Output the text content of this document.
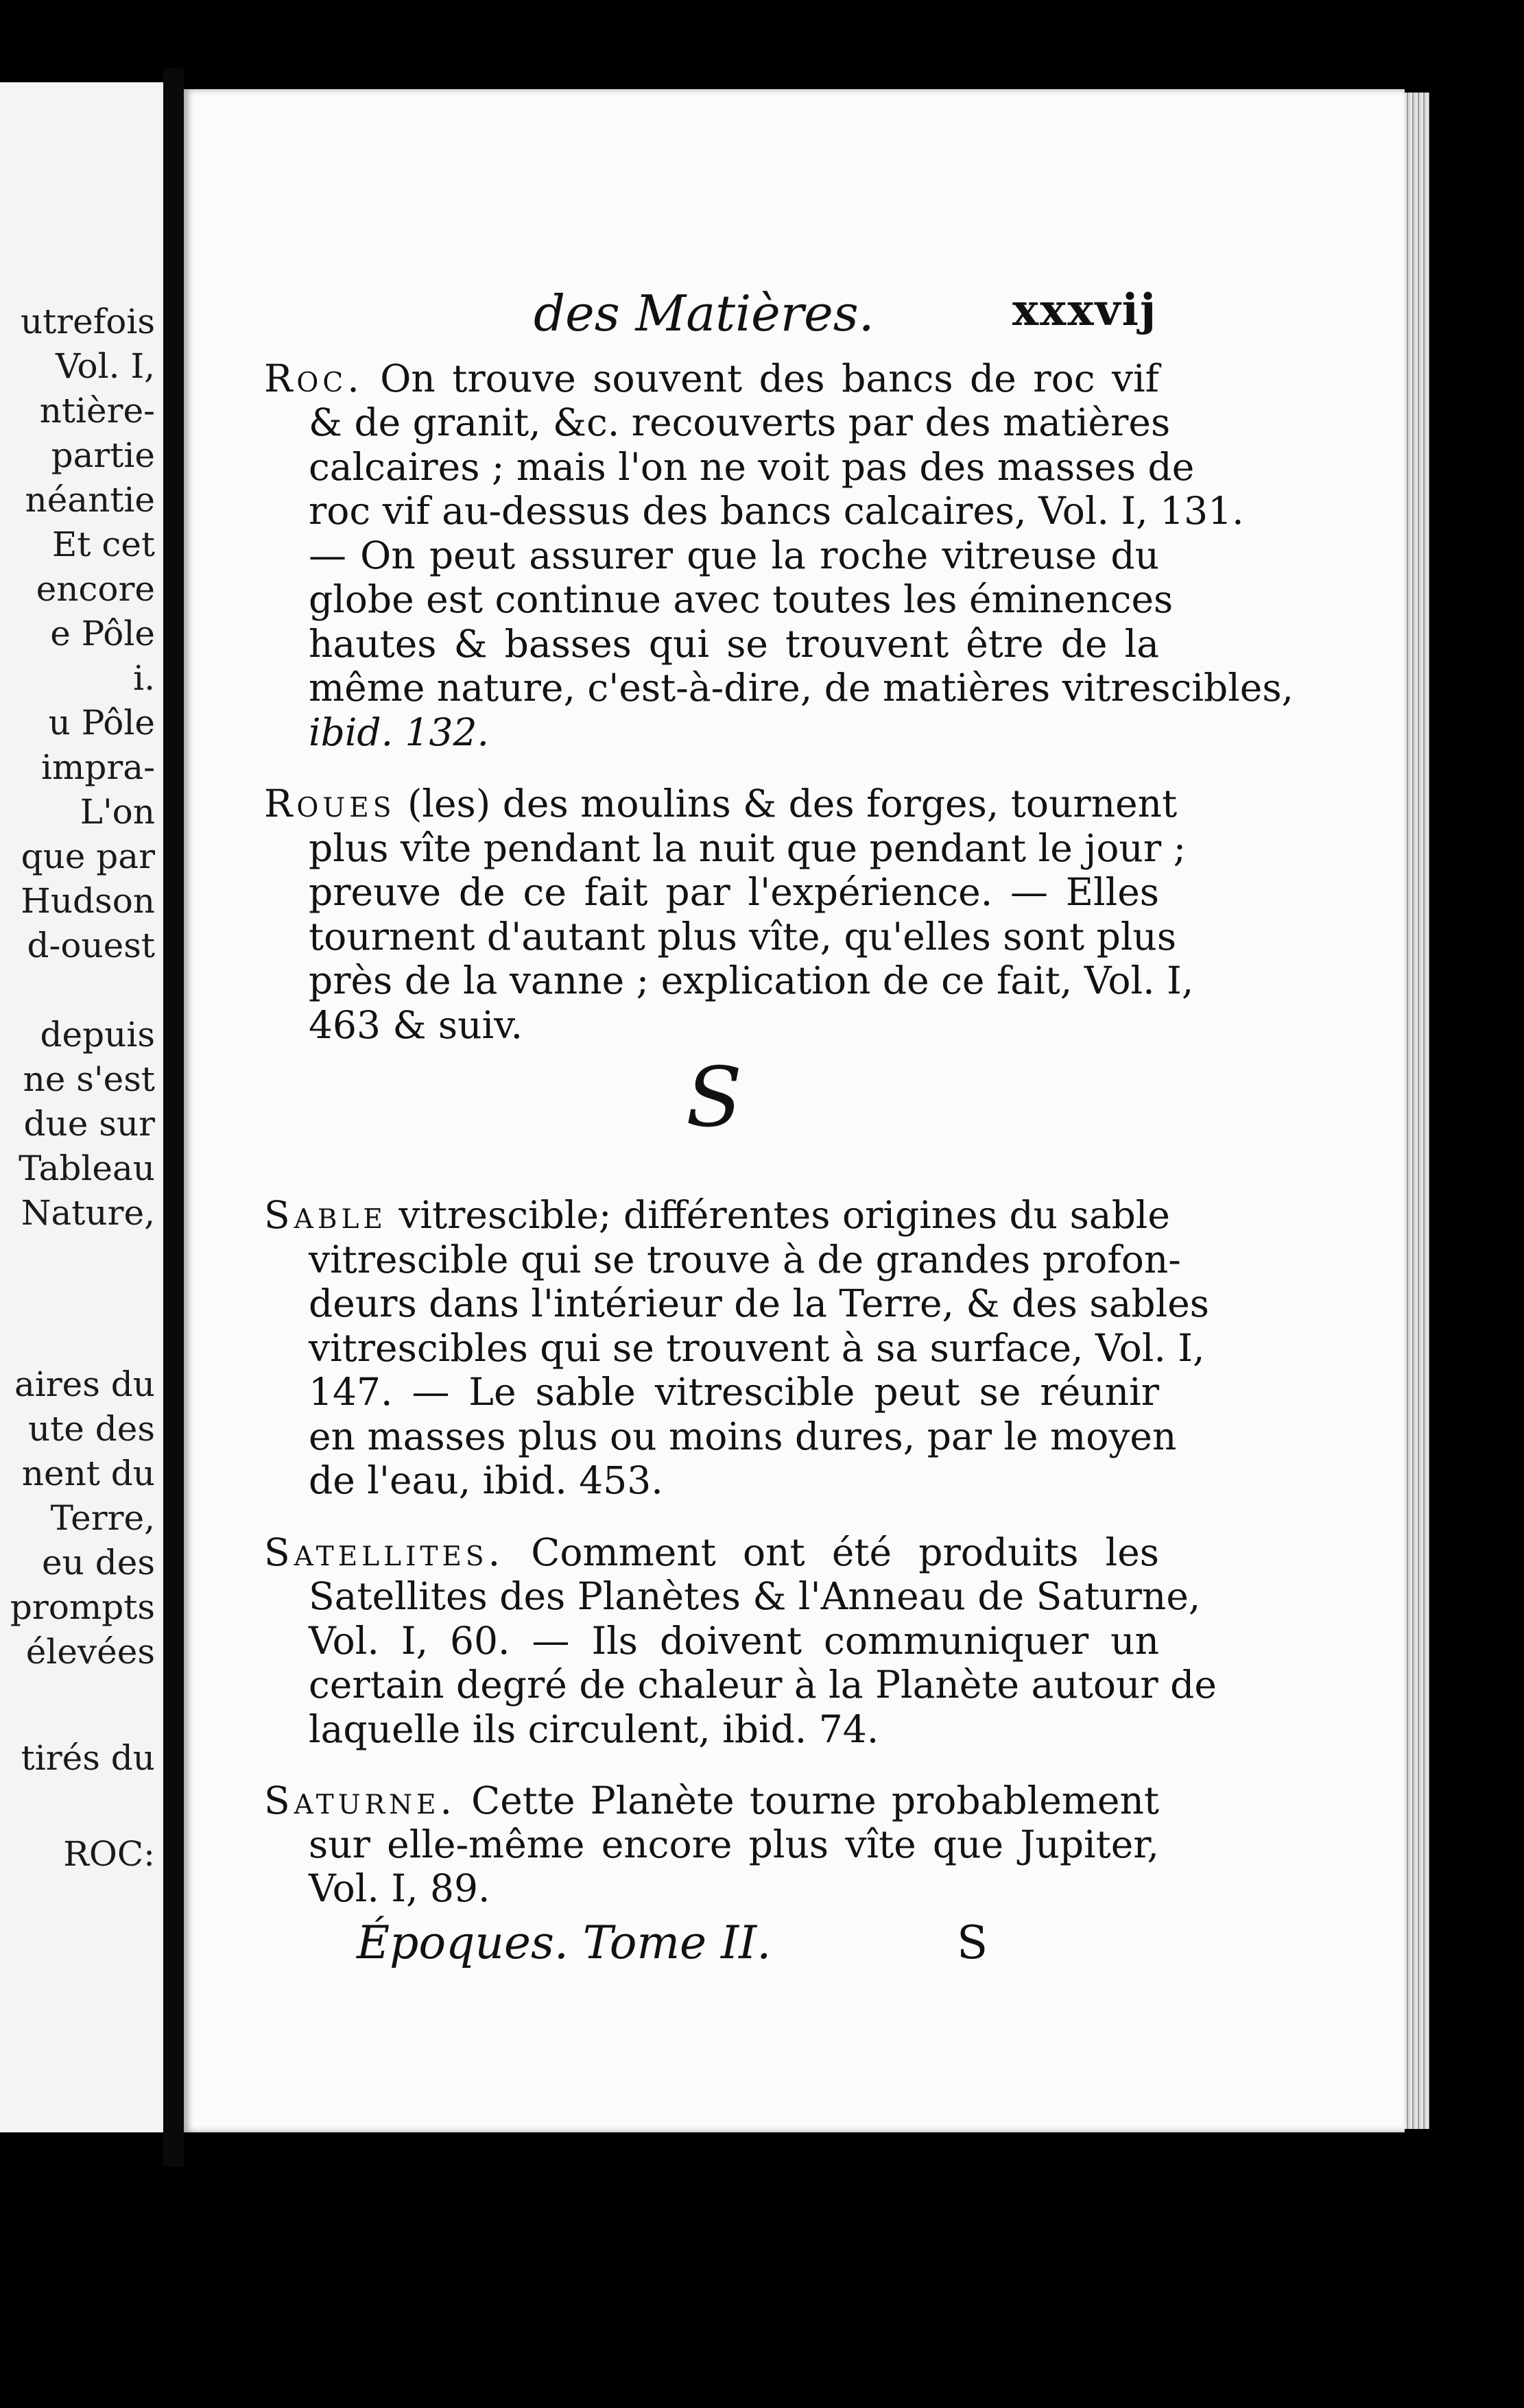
utrefois
Vol. I,
ntière-
partie
néantie
Et cet
encore
e Pôle
i.
u Pôle
impra-
L'on
que par
Hudson
d-ouest
depuis
ne s'est
due sur
Tableau
Nature,
aires du
ute des
nent du
Terre,
eu des
prompts
élevées
tirés du
ROC:
des Matières.	xxxvij
Roc. On trouve souvent des bancs de roc vif
& de granit, &c. recouverts par des matières
calcaires ; mais l'on ne voit pas des masses de
roc vif au-dessus des bancs calcaires, Vol. I, 131.
— On peut assurer que la roche vitreuse du
globe est continue avec toutes les éminences
hautes & basses qui se trouvent être de la
même nature, c'est-à-dire, de matières vitrescibles,
ibid. 132.
Roues (les) des moulins & des forges, tournent
plus vîte pendant la nuit que pendant le jour ;
preuve de ce fait par l'expérience. — Elles
tournent d'autant plus vîte, qu'elles sont plus
près de la vanne ; explication de ce fait, Vol. I,
463 & suiv.
S
Sable vitrescible; différentes origines du sable
vitrescible qui se trouve à de grandes profon-
deurs dans l'intérieur de la Terre, & des sables
vitrescibles qui se trouvent à sa surface, Vol. I,
147. — Le sable vitrescible peut se réunir
en masses plus ou moins dures, par le moyen
de l'eau, ibid. 453.
Satellites. Comment ont été produits les
Satellites des Planètes & l'Anneau de Saturne,
Vol. I, 60. — Ils doivent communiquer un
certain degré de chaleur à la Planète autour de
laquelle ils circulent, ibid. 74.
Saturne. Cette Planète tourne probablement
sur elle-même encore plus vîte que Jupiter,
Vol. I, 89.
Époques. Tome II.	S
